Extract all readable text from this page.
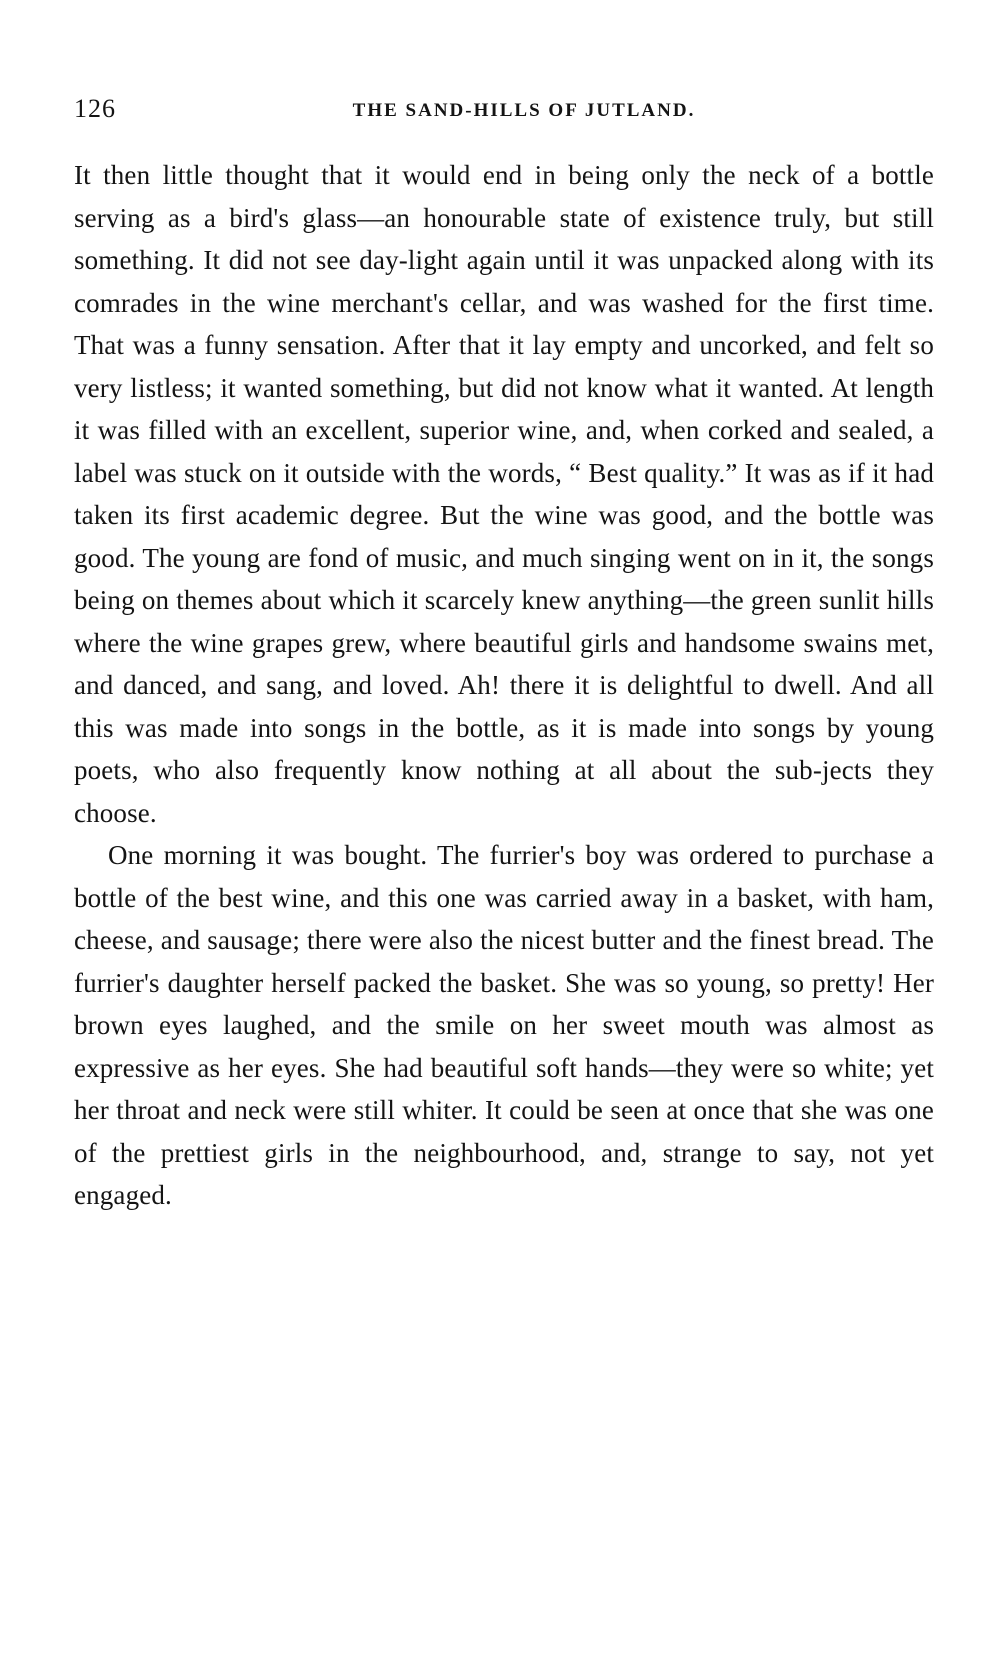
126	THE SAND-HILLS OF JUTLAND.

It then little thought that it would end in being only the neck of a bottle serving as a bird's glass—an honourable state of existence truly, but still something. It did not see day-light again until it was unpacked along with its comrades in the wine merchant's cellar, and was washed for the first time. That was a funny sensation. After that it lay empty and uncorked, and felt so very listless; it wanted something, but did not know what it wanted. At length it was filled with an excellent, superior wine, and, when corked and sealed, a label was stuck on it outside with the words, “ Best quality.” It was as if it had taken its first academic degree. But the wine was good, and the bottle was good. The young are fond of music, and much singing went on in it, the songs being on themes about which it scarcely knew anything—the green sunlit hills where the wine grapes grew, where beautiful girls and handsome swains met, and danced, and sang, and loved. Ah! there it is delightful to dwell. And all this was made into songs in the bottle, as it is made into songs by young poets, who also frequently know nothing at all about the sub-jects they choose.

One morning it was bought. The furrier's boy was ordered to purchase a bottle of the best wine, and this one was carried away in a basket, with ham, cheese, and sausage; there were also the nicest butter and the finest bread. The furrier's daughter herself packed the basket. She was so young, so pretty! Her brown eyes laughed, and the smile on her sweet mouth was almost as expressive as her eyes. She had beautiful soft hands—they were so white; yet her throat and neck were still whiter. It could be seen at once that she was one of the prettiest girls in the neighbourhood, and, strange to say, not yet engaged.
